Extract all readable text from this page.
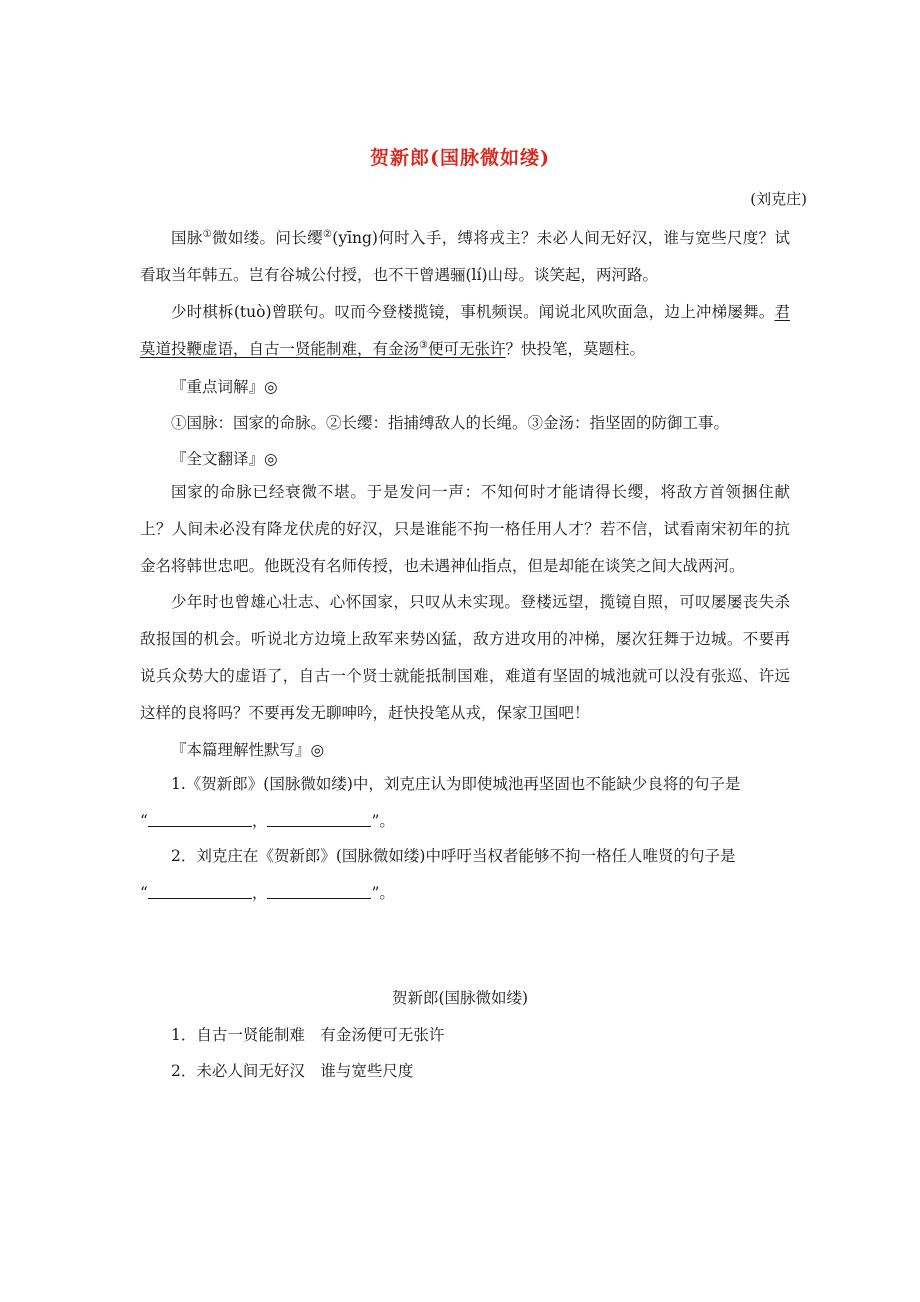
贺新郎(国脉微如缕)
(刘克庄)

国脉①微如缕。问长缨②(yīng)何时入手，缚将戎主？未必人间无好汉，谁与宽些尺度？试看取当年韩五。岂有谷城公付授，也不干曾遇骊(lí)山母。谈笑起，两河路。

少时棋柝(tuò)曾联句。叹而今登楼揽镜，事机频误。闻说北风吹面急，边上冲梯屡舞。君莫道投鞭虚语，自古一贤能制难，有金汤③便可无张许？快投笔，莫题柱。

『重点词解』◎
①国脉：国家的命脉。②长缨：指捕缚敌人的长绳。③金汤：指坚固的防御工事。
『全文翻译』◎

国家的命脉已经衰微不堪。于是发问一声：不知何时才能请得长缨，将敌方首领捆住献上？人间未必没有降龙伏虎的好汉，只是谁能不拘一格任用人才？若不信，试看南宋初年的抗金名将韩世忠吧。他既没有名师传授，也未遇神仙指点，但是却能在谈笑之间大战两河。

少年时也曾雄心壮志、心怀国家，只叹从未实现。登楼远望，揽镜自照，可叹屡屡丧失杀敌报国的机会。听说北方边境上敌军来势凶猛，敌方进攻用的冲梯，屡次狂舞于边城。不要再说兵众势大的虚语了，自古一个贤士就能抵制国难，难道有坚固的城池就可以没有张巡、许远这样的良将吗？不要再发无聊呻吟，赶快投笔从戎，保家卫国吧！

『本篇理解性默写』◎
1.《贺新郎》(国脉微如缕)中，刘克庄认为即使城池再坚固也不能缺少良将的句子是
“	，	”。
2．刘克庄在《贺新郎》(国脉微如缕)中呼吁当权者能够不拘一格任人唯贤的句子是
“	，	”。
贺新郎(国脉微如缕)
1．自古一贤能制难　有金汤便可无张许
2．未必人间无好汉　谁与宽些尺度
